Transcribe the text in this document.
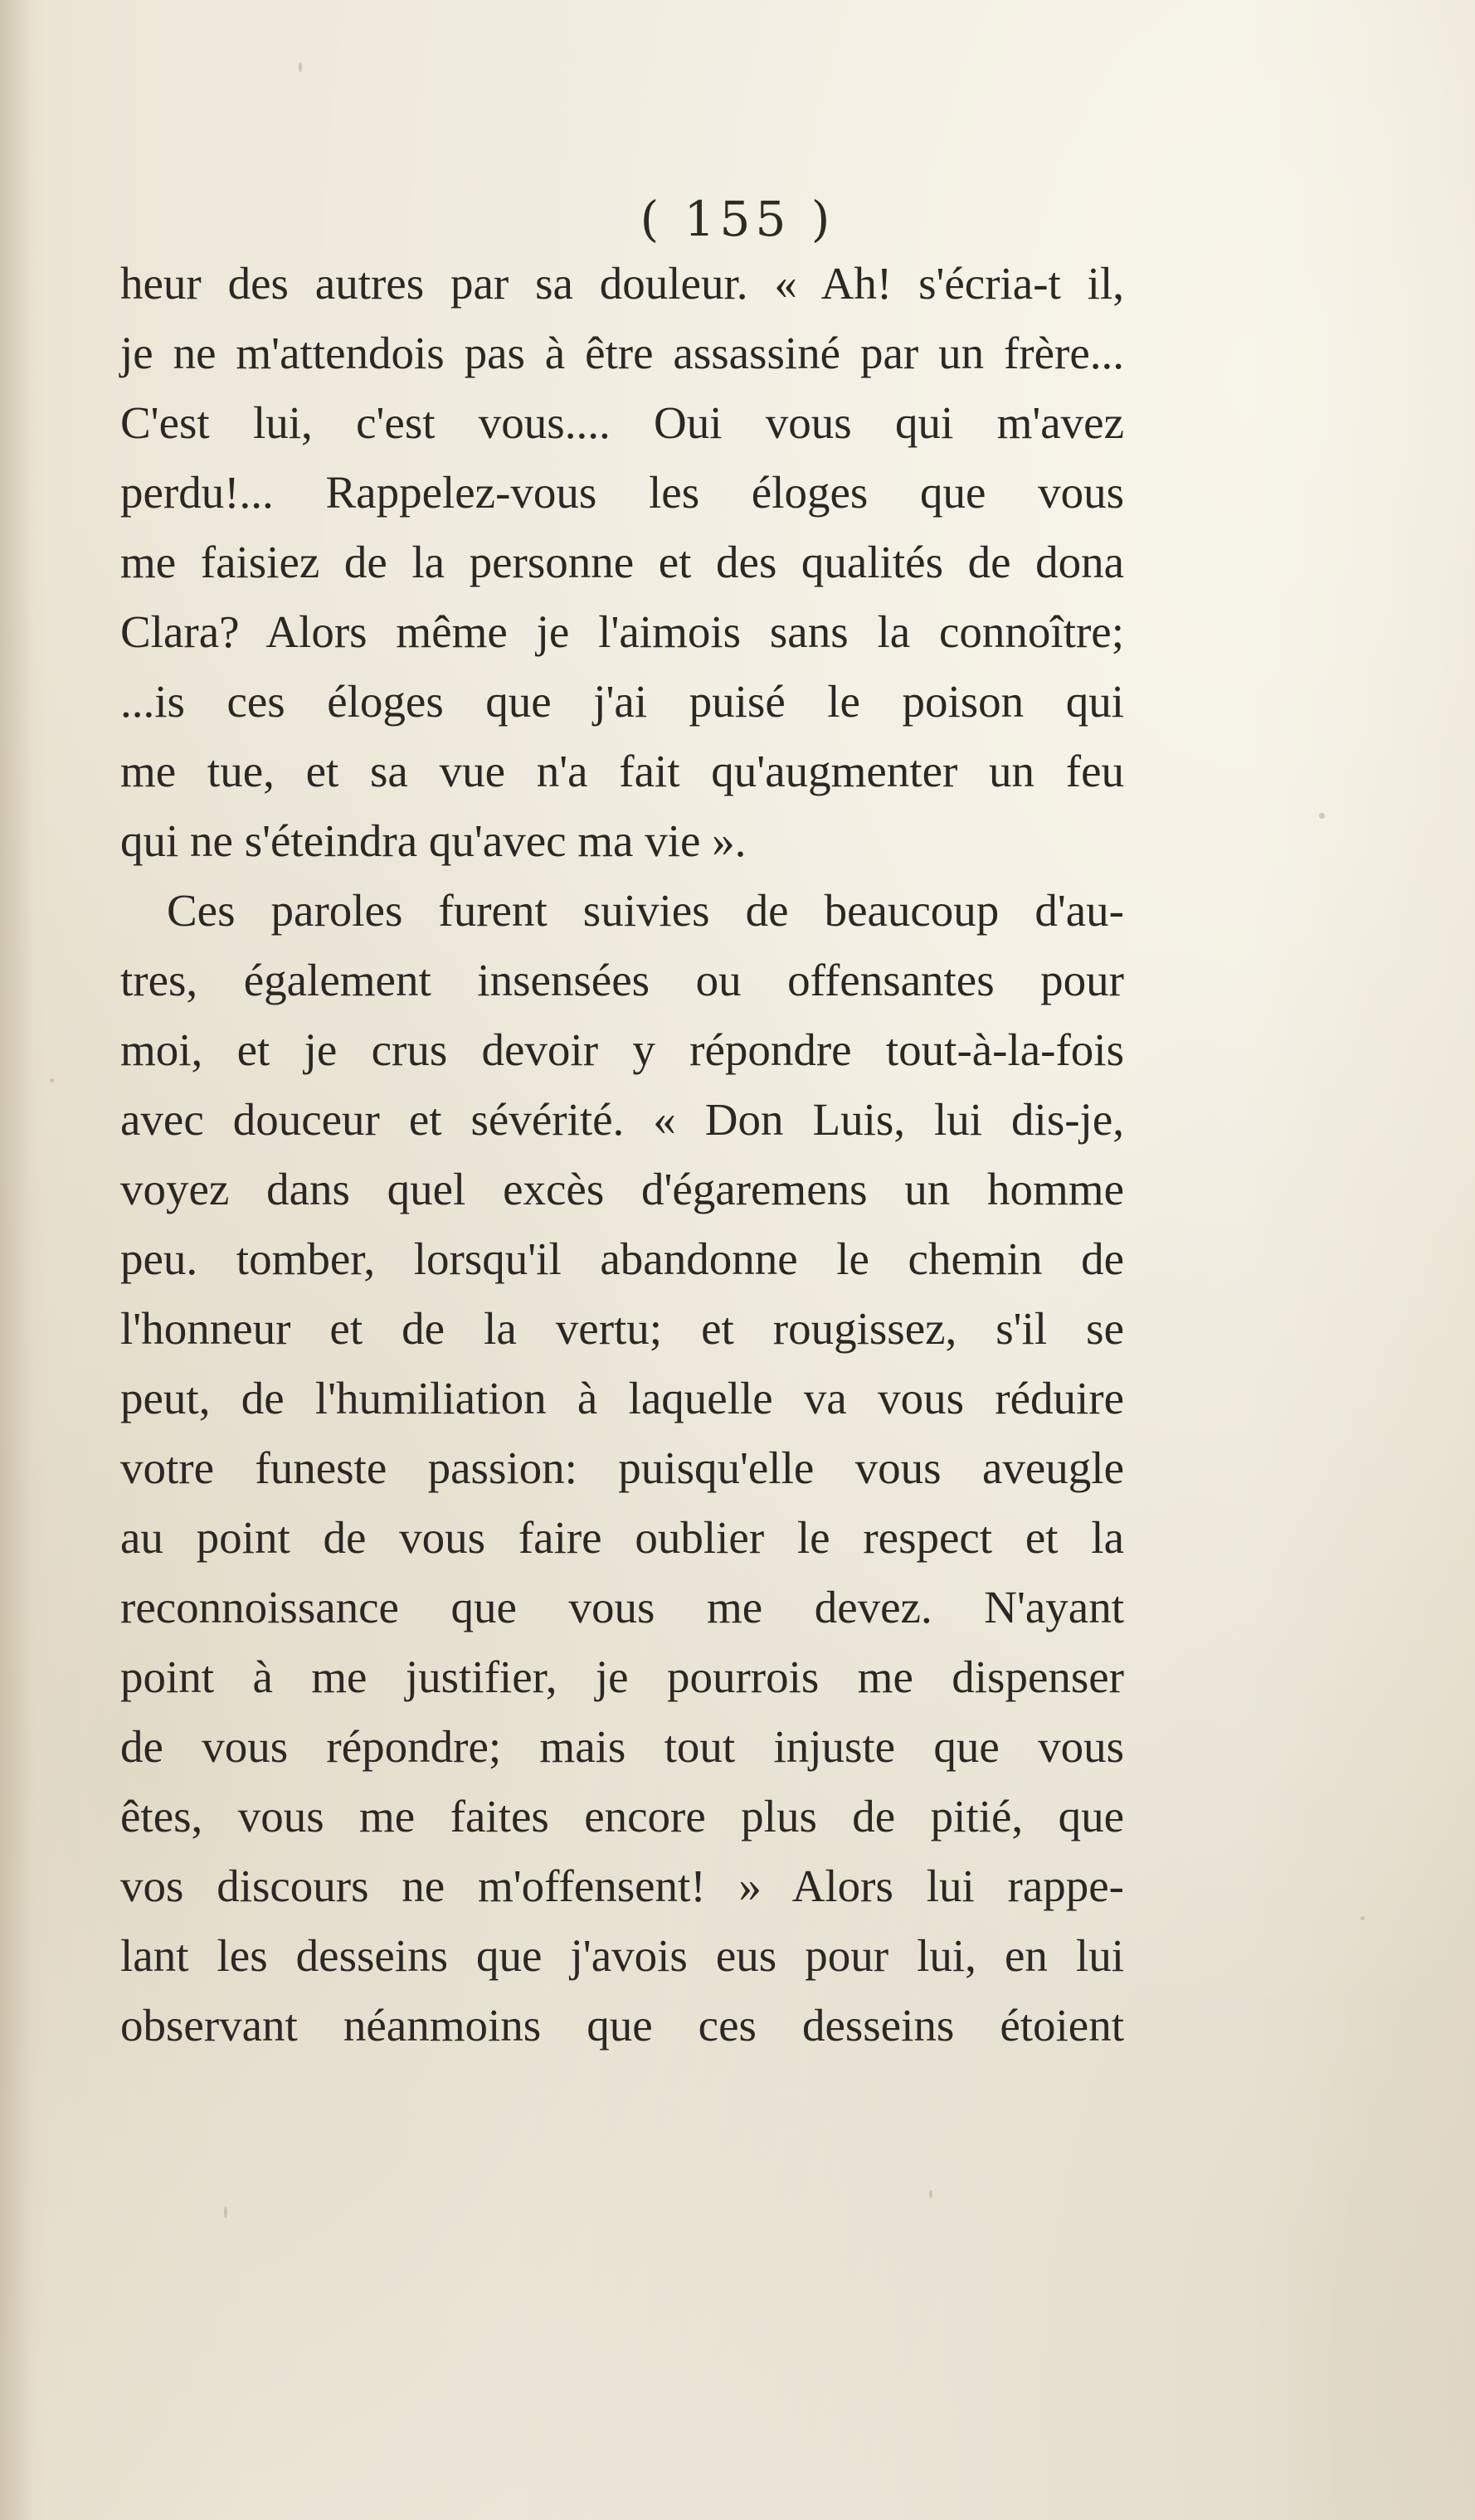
( 155 )
heur des autres par sa douleur. « Ah! s'écria-t il,
je ne m'attendois pas à être assassiné par un frère...
C'est lui, c'est vous.... Oui vous qui m'avez
perdu!... Rappelez-vous les éloges que vous
me faisiez de la personne et des qualités de dona
Clara? Alors même je l'aimois sans la connoître;
...is ces éloges que j'ai puisé le poison qui
me tue, et sa vue n'a fait qu'augmenter un feu
qui ne s'éteindra qu'avec ma vie ».
Ces paroles furent suivies de beaucoup d'au-
tres, également insensées ou offensantes pour
moi, et je crus devoir y répondre tout-à-la-fois
avec douceur et sévérité. « Don Luis, lui dis-je,
voyez dans quel excès d'égaremens un homme
peu. tomber, lorsqu'il abandonne le chemin de
l'honneur et de la vertu; et rougissez, s'il se
peut, de l'humiliation à laquelle va vous réduire
votre funeste passion: puisqu'elle vous aveugle
au point de vous faire oublier le respect et la
reconnoissance que vous me devez. N'ayant
point à me justifier, je pourrois me dispenser
de vous répondre; mais tout injuste que vous
êtes, vous me faites encore plus de pitié, que
vos discours ne m'offensent! » Alors lui rappe-
lant les desseins que j'avois eus pour lui, en lui
observant néanmoins que ces desseins étoient
